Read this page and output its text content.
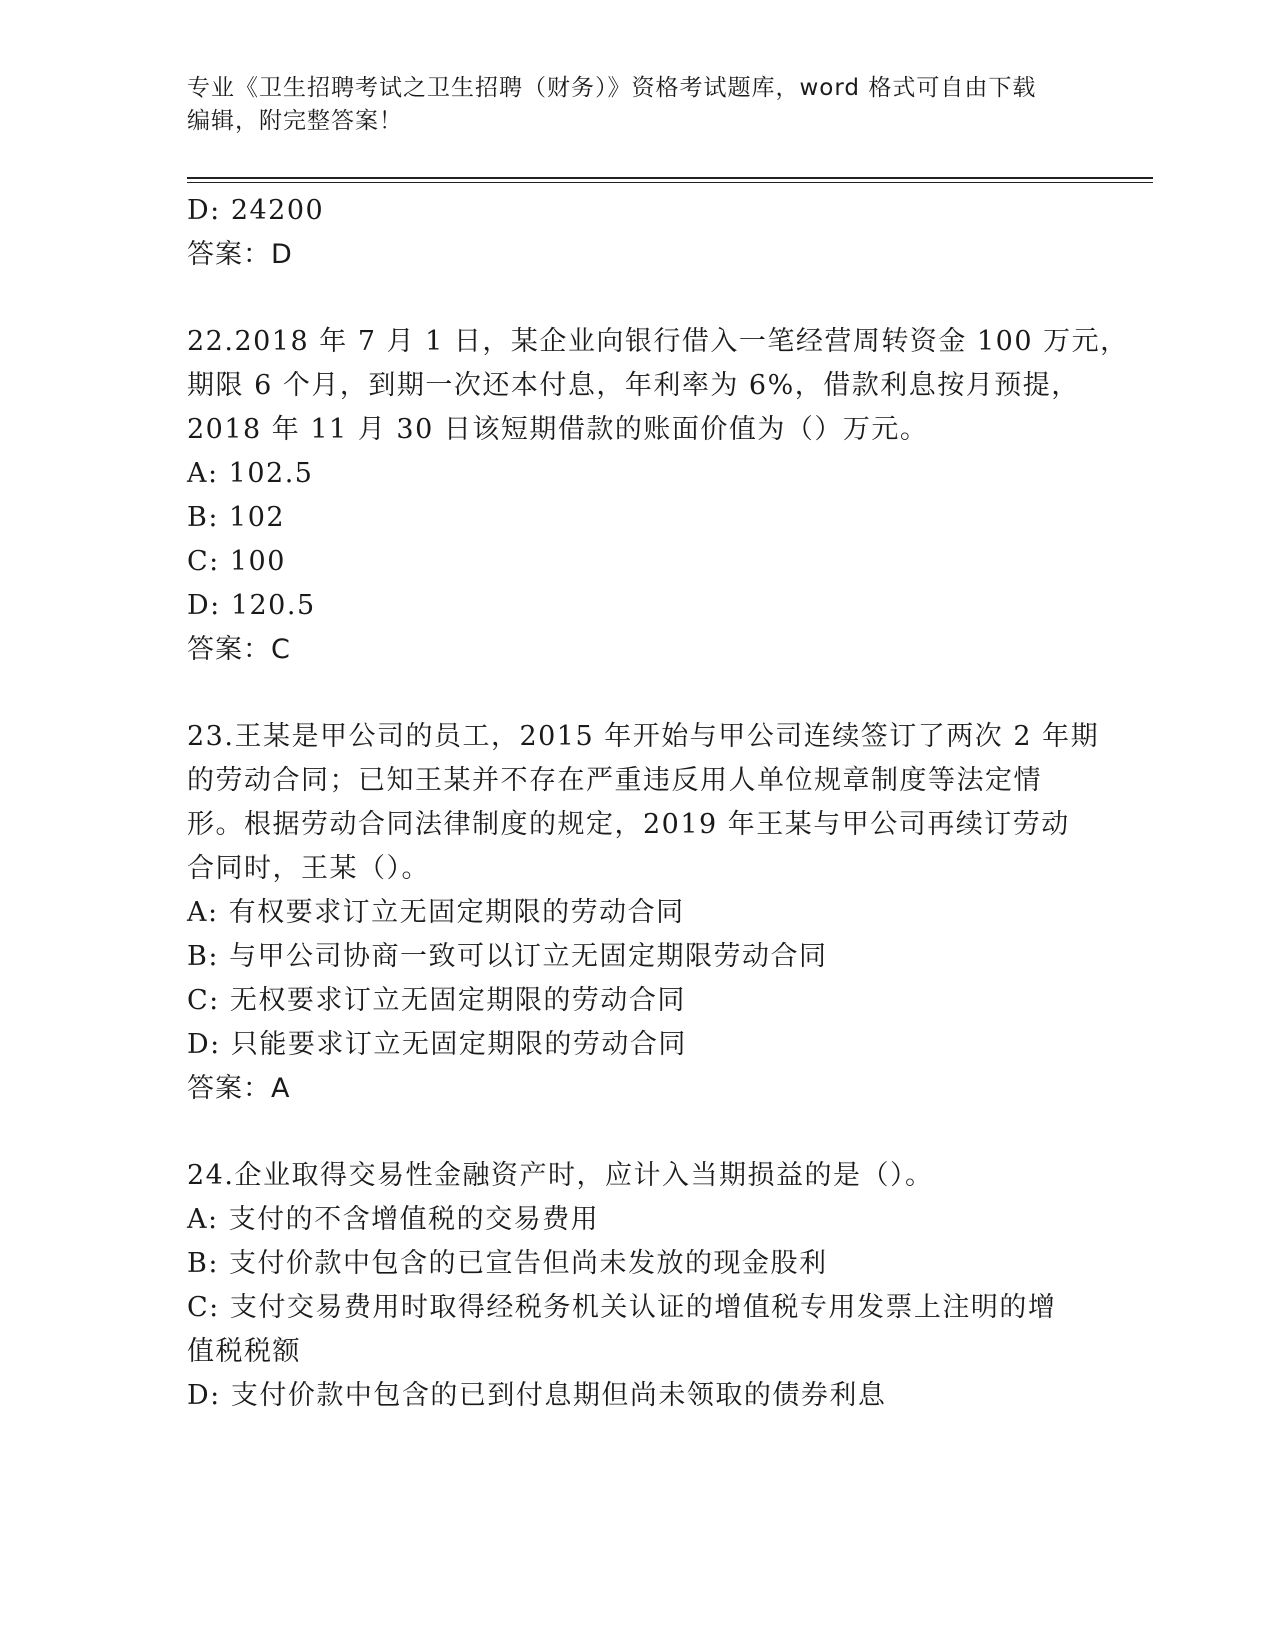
专业《卫生招聘考试之卫生招聘（财务）》资格考试题库，word 格式可自由下载
编辑，附完整答案！
D: 24200
答案：D
22.2018 年 7 月 1 日，某企业向银行借入一笔经营周转资金 100 万元，
期限 6 个月，到期一次还本付息，年利率为 6%，借款利息按月预提，
2018 年 11 月 30 日该短期借款的账面价值为（）万元。
A: 102.5
B: 102
C: 100
D: 120.5
答案：C
23.王某是甲公司的员工，2015 年开始与甲公司连续签订了两次 2 年期
的劳动合同；已知王某并不存在严重违反用人单位规章制度等法定情
形。根据劳动合同法律制度的规定，2019 年王某与甲公司再续订劳动
合同时，王某（）。
A: 有权要求订立无固定期限的劳动合同
B: 与甲公司协商一致可以订立无固定期限劳动合同
C: 无权要求订立无固定期限的劳动合同
D: 只能要求订立无固定期限的劳动合同
答案：A
24.企业取得交易性金融资产时，应计入当期损益的是（）。
A: 支付的不含增值税的交易费用
B: 支付价款中包含的已宣告但尚未发放的现金股利
C: 支付交易费用时取得经税务机关认证的增值税专用发票上注明的增
值税税额
D: 支付价款中包含的已到付息期但尚未领取的债券利息
